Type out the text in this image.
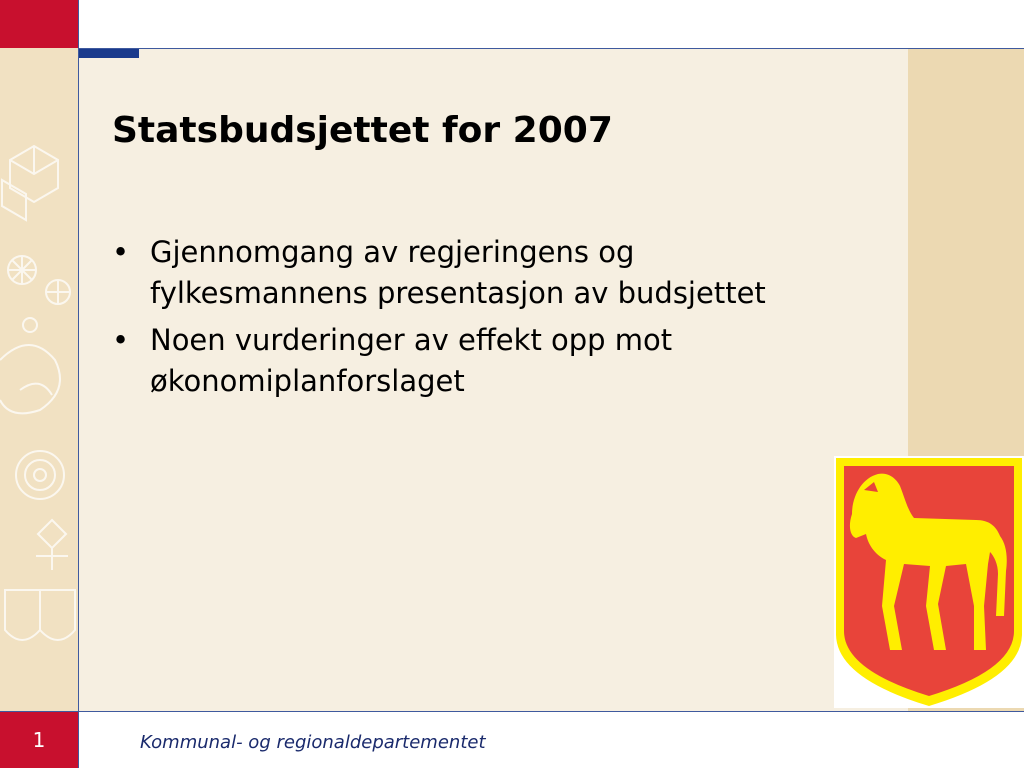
Statsbudsjettet for 2007
• Gjennomgang av regjeringens og fylkesmannens presentasjon av budsjettet
• Noen vurderinger av effekt opp mot økonomiplanforslaget
1	Kommunal- og regionaldepartementet
